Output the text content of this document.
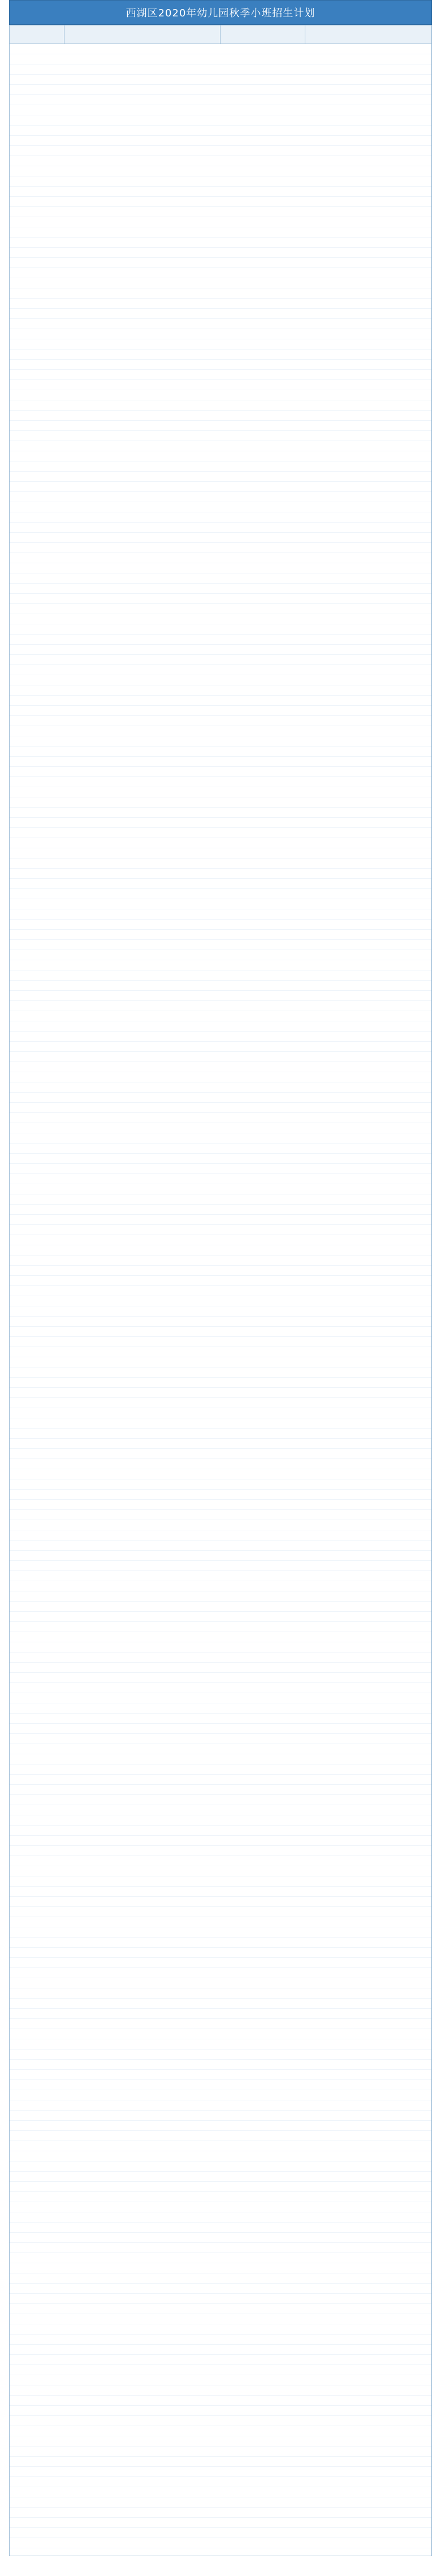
西湖区2020年幼儿园秋季小班招生计划
